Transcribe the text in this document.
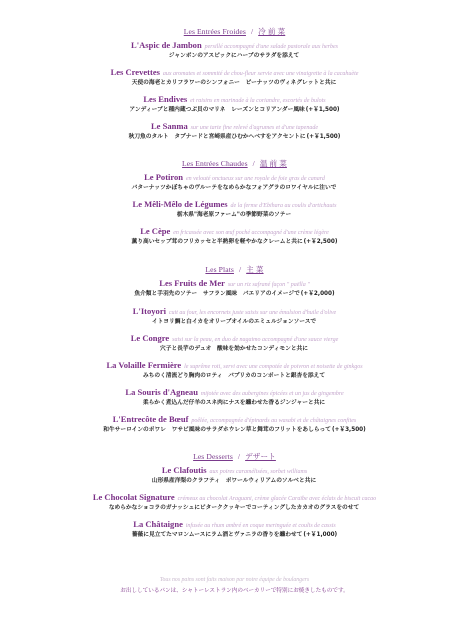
Les Entrées Froides / 冷 前 菜
L'Aspic de Jambon persillé accompagné d'une salade pastorale aux herbes
ジャンボンのアスピックにハーブのサラダを添えて
Les Crevettes aux aromates et sommité de chou-fleur servie avec une vinaigrette à la cacahuète
天使の海老とカリフラワーのシンフォニー　ピーナッツのヴィネグレットと共に
Les Endives et raisins en marinade à la coriandre, escortés de bulots
アンディーブと種内蔵つぶ貝のマリネ　レーズンとコリアンダー風味(+￥1,500)
Le Sanma sur une tarte fine relevé d'agrumes et d'une tapenade
秋刀魚のタルト　タプナードと宮崎県産ひむかへべすをアクセントに(+￥1,500)
Les Entrées Chaudes / 温 前 菜
Le Potiron en velouté onctueux sur une royale de foie gras de canard
バターナッツかぼちゃのヴルーテをなめらかなフォアグラのロワイヤルに注いで
Le Mêli-Mêlo de Légumes de la ferme d'Ebihara au coulis d'artichauts
栃木県"海老原ファーム"の季節野菜のソテー
Le Cèpe en fricassée avec son œuf poché accompagné d'une crème légère
薫り高いセップ茸のフリカッセと半熟卵を軽やかなクレームと共に(+￥2,500)
Les Plats / 主 菜
Les Fruits de Mer sur un riz safrané façon " paëlla "
魚介類と手羽先のソテー　サフラン風味　パエリアのイメージで(+￥2,000)
L'Itoyori cuit au four, les encornets juste saisis sur une émulsion d'huile d'olive
イトヨリ鯛と白イカをオリーブオイルのエミュルジョンソースで
Le Congre saisi sur la peau, en duo de nagaimo accompagné d'une sauce vierge
穴子と長芋のデュオ　酸味を効かせたコンディモンと共に
La Volaille Fermière le suprême roti, servi avec une compotée de poivron et noisette de ginkgos
みちのく清流どり胸肉のロティ　パプリカのコンポートと銀杏を添えて
La Souris d'Agneau mijotée avec des aubergines épicées et un jus de gingembre
柔らかく煮込んだ仔羊のスネ肉にナスを纏わせた香るジンジャーと共に
L'Entrecôte de Bœuf poêlée, accompagnée d'épinards au wasabi et de châtaignes confites
和牛サーロインのポワレ　ワサビ風味のサラダホウレン草と舞茸のフリットをあしらって(+￥3,500)
Les Desserts / デザート
Le Clafoutis aux poires caramélisées, sorbet williams
山形県産洋梨のクラフティ　ポワールウィリアムのソルベと共に
Le Chocolat Signature crémeux au chocolat Araguani, crème glacée Caraïbe avec éclats de biscuit cacao
なめらかなショコラのガナッシュにビターククッキーでコーティングしたカカオのグラスをのせて
La Châtaigne infusée au rhum ambré en coque meringuée et coulis de cassis
薔薇に見立てたマロンムースにラム酒とヴァニラの香りを纏わせて(+￥1,000)
Tous nos pains sont faits maison par notre équipe de boulangers
お出ししているパンは、シャトーレストラン内のベーカリーで特別にお焼きしたものです。
